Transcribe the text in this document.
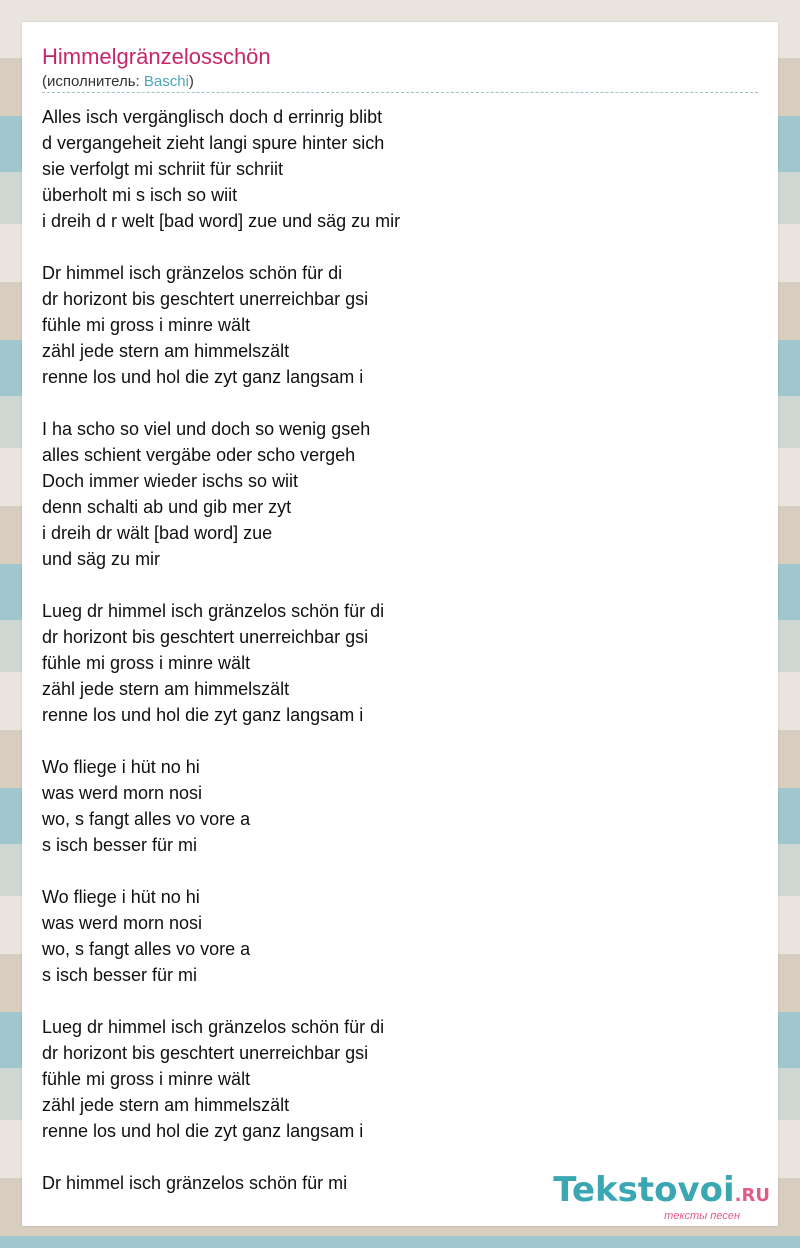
Himmelgränzelosschön
(исполнитель: Baschi)
Alles isch vergänglisch doch d errinrig blibt
d vergangeheit zieht langi spure hinter sich
sie verfolgt mi schriit für schriit
überholt mi s isch so wiit
i dreih d r welt [bad word] zue und säg zu mir
Dr himmel isch gränzelos schön für di
dr horizont bis geschtert unerreichbar gsi
fühle mi gross i minre wält
zähl jede stern am himmelszält
renne los und hol die zyt ganz langsam i
I ha scho so viel und doch so wenig gseh
alles schient vergäbe oder scho vergeh
Doch immer wieder ischs so wiit
denn schalti ab und gib mer zyt
i dreih dr wält [bad word] zue
und säg zu mir
Lueg dr himmel isch gränzelos schön für di
dr horizont bis geschtert unerreichbar gsi
fühle mi gross i minre wält
zähl jede stern am himmelszält
renne los und hol die zyt ganz langsam i
Wo fliege i hüt no hi
was werd morn nosi
wo, s fangt alles vo vore a
s isch besser für mi
Wo fliege i hüt no hi
was werd morn nosi
wo, s fangt alles vo vore a
s isch besser für mi
Lueg dr himmel isch gränzelos schön für di
dr horizont bis geschtert unerreichbar gsi
fühle mi gross i minre wält
zähl jede stern am himmelszält
renne los und hol die zyt ganz langsam i
Dr himmel isch gränzelos schön für mi	Tekstovoi.RU
тексты песен
